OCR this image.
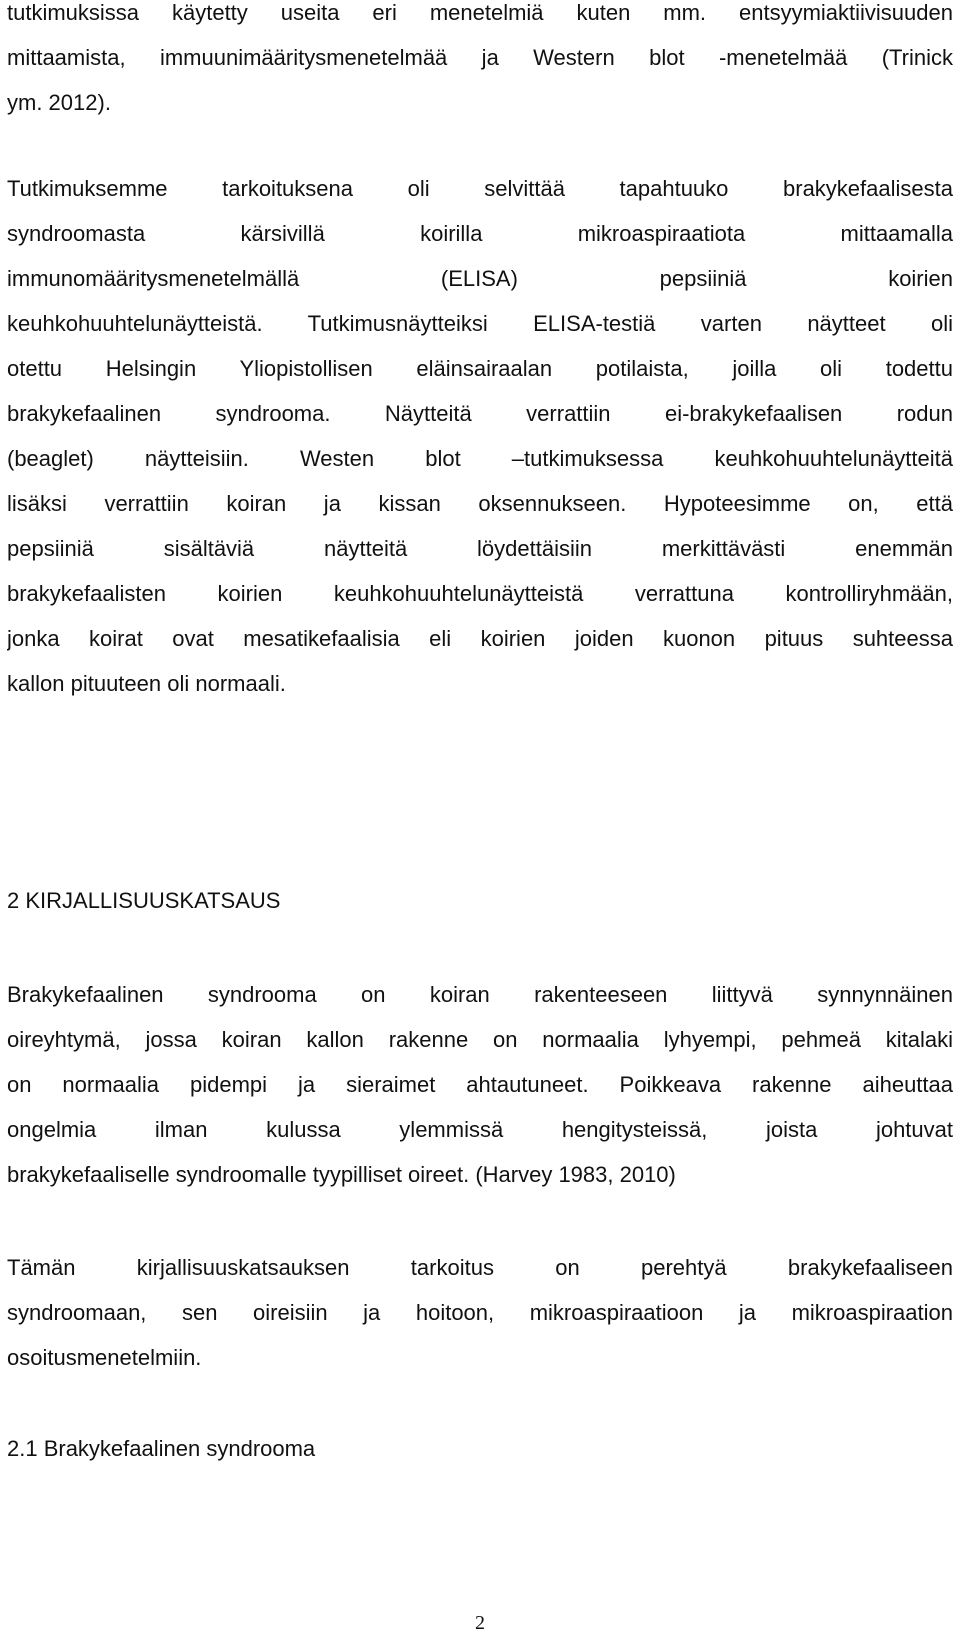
tutkimuksissa käytetty useita eri menetelmiä kuten mm. entsyymiaktiivisuuden
mittaamista, immuunimääritysmenetelmää ja Western blot -menetelmää (Trinick
ym. 2012).
Tutkimuksemme tarkoituksena oli selvittää tapahtuuko brakykefaalisesta
syndroomasta kärsivillä koirilla mikroaspiraatiota mittaamalla
immunomääritysmenetelmällä (ELISA) pepsiiniä koirien
keuhkohuuhtelunäytteistä. Tutkimusnäytteiksi ELISA-testiä varten näytteet oli
otettu Helsingin Yliopistollisen eläinsairaalan potilaista, joilla oli todettu
brakykefaalinen syndrooma. Näytteitä verrattiin ei-brakykefaalisen rodun
(beaglet) näytteisiin. Westen blot –tutkimuksessa keuhkohuuhtelunäytteitä
lisäksi verrattiin koiran ja kissan oksennukseen. Hypoteesimme on, että
pepsiiniä sisältäviä näytteitä löydettäisiin merkittävästi enemmän
brakykefaalisten koirien keuhkohuuhtelunäytteistä verrattuna kontrolliryhmään,
jonka koirat ovat mesatikefaalisia eli koirien joiden kuonon pituus suhteessa
kallon pituuteen oli normaali.
2 KIRJALLISUUSKATSAUS
Brakykefaalinen syndrooma on koiran rakenteeseen liittyvä synnynnäinen
oireyhtymä, jossa koiran kallon rakenne on normaalia lyhyempi, pehmeä kitalaki
on normaalia pidempi ja sieraimet ahtautuneet. Poikkeava rakenne aiheuttaa
ongelmia ilman kulussa ylemmissä hengitysteissä, joista johtuvat
brakykefaaliselle syndroomalle tyypilliset oireet. (Harvey 1983, 2010)
Tämän kirjallisuuskatsauksen tarkoitus on perehtyä brakykefaaliseen
syndroomaan, sen oireisiin ja hoitoon, mikroaspiraatioon ja mikroaspiraation
osoitusmenetelmiin.
2.1 Brakykefaalinen syndrooma
2
